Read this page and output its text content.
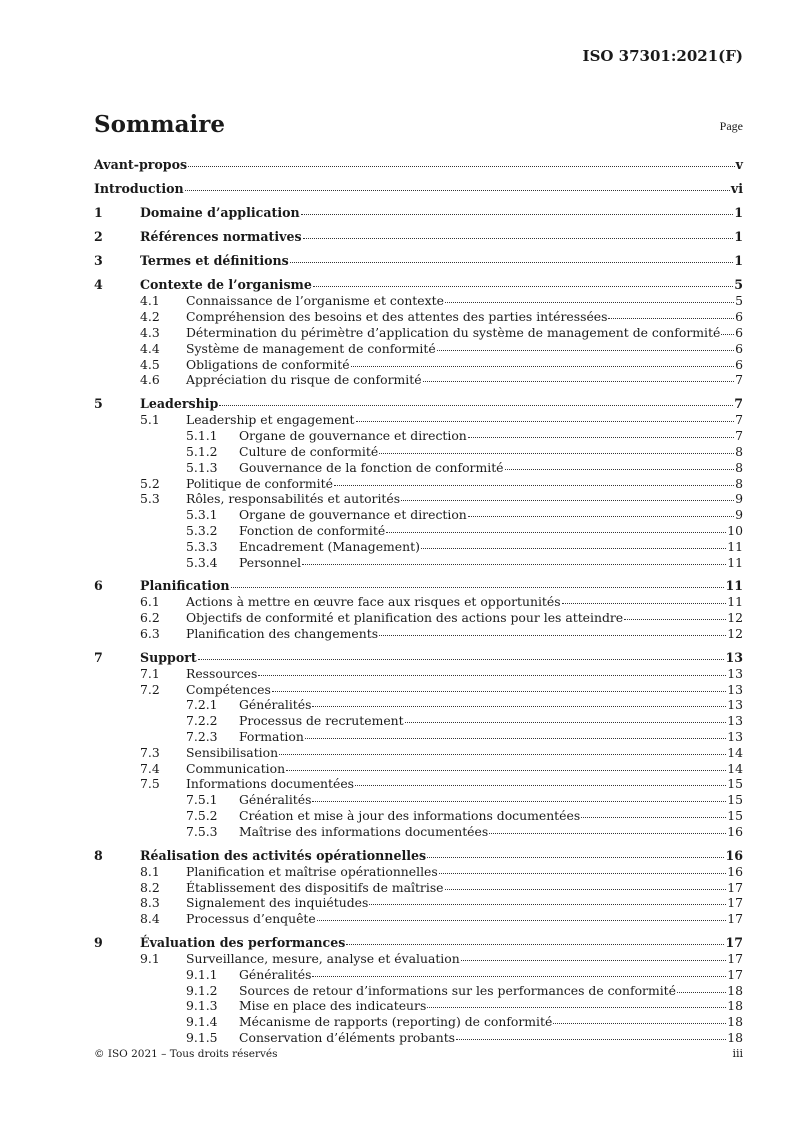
ISO 37301:2021(F)
Sommaire	Page
Avant-propos	v
Introduction	vi
1	Domaine d’application	1
2	Références normatives	1
3	Termes et définitions	1
4	Contexte de l’organisme	5
4.1	Connaissance de l’organisme et contexte	5
4.2	Compréhension des besoins et des attentes des parties intéressées	6
4.3	Détermination du périmètre d’application du système de management de conformité 6
4.4	Système de management de conformité	6
4.5	Obligations de conformité	6
4.6	Appréciation du risque de conformité	7
5	Leadership	7
5.1	Leadership et engagement	7
5.1.1	Organe de gouvernance et direction	7
5.1.2	Culture de conformité	8
5.1.3	Gouvernance de la fonction de conformité	8
5.2	Politique de conformité	8
5.3	Rôles, responsabilités et autorités	9
5.3.1	Organe de gouvernance et direction	9
5.3.2	Fonction de conformité	10
5.3.3	Encadrement (Management)	11
5.3.4	Personnel	11
6	Planification	11
6.1	Actions à mettre en œuvre face aux risques et opportunités	11
6.2	Objectifs de conformité et planification des actions pour les atteindre	12
6.3	Planification des changements	12
7	Support	13
7.1	Ressources	13
7.2	Compétences	13
7.2.1	Généralités	13
7.2.2	Processus de recrutement	13
7.2.3	Formation	13
7.3	Sensibilisation	14
7.4	Communication	14
7.5	Informations documentées	15
7.5.1	Généralités	15
7.5.2	Création et mise à jour des informations documentées	15
7.5.3	Maîtrise des informations documentées	16
8	Réalisation des activités opérationnelles	16
8.1	Planification et maîtrise opérationnelles	16
8.2	Établissement des dispositifs de maîtrise	17
8.3	Signalement des inquiétudes	17
8.4	Processus d’enquête	17
9	Évaluation des performances	17
9.1	Surveillance, mesure, analyse et évaluation	17
9.1.1	Généralités	17
9.1.2	Sources de retour d’informations sur les performances de conformité	18
9.1.3	Mise en place des indicateurs	18
9.1.4	Mécanisme de rapports (reporting) de conformité	18
9.1.5	Conservation d’éléments probants	18
© ISO 2021 – Tous droits réservés	iii
